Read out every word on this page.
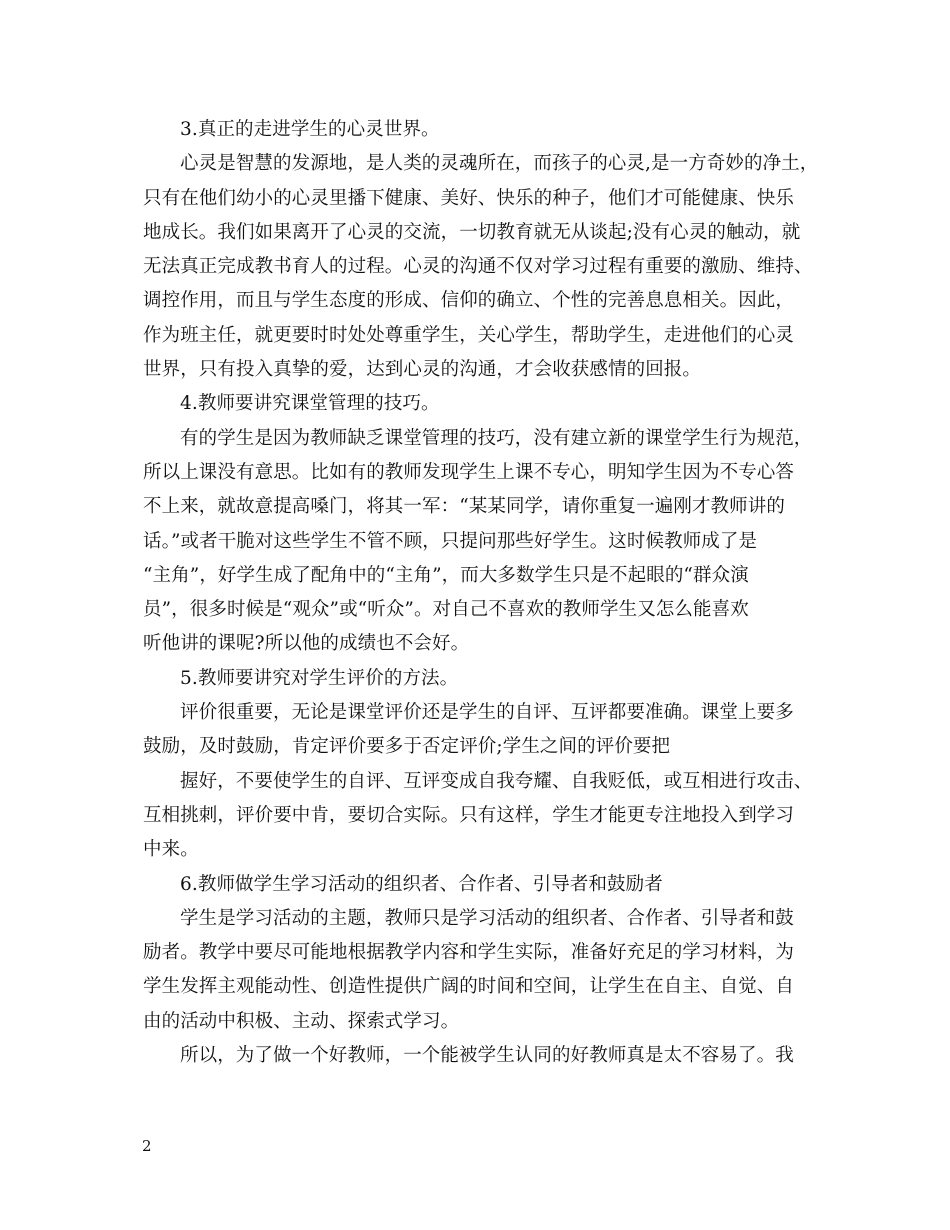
3.真正的走进学生的心灵世界。
心灵是智慧的发源地，是人类的灵魂所在，而孩子的心灵,是一方奇妙的净土，
只有在他们幼小的心灵里播下健康、美好、快乐的种子，他们才可能健康、快乐
地成长。我们如果离开了心灵的交流，一切教育就无从谈起;没有心灵的触动，就
无法真正完成教书育人的过程。心灵的沟通不仅对学习过程有重要的激励、维持、
调控作用，而且与学生态度的形成、信仰的确立、个性的完善息息相关。因此，
作为班主任，就更要时时处处尊重学生，关心学生，帮助学生，走进他们的心灵
世界，只有投入真挚的爱，达到心灵的沟通，才会收获感情的回报。
4.教师要讲究课堂管理的技巧。
有的学生是因为教师缺乏课堂管理的技巧，没有建立新的课堂学生行为规范，
所以上课没有意思。比如有的教师发现学生上课不专心，明知学生因为不专心答
不上来，就故意提高嗓门，将其一军：“某某同学，请你重复一遍刚才教师讲的
话。”或者干脆对这些学生不管不顾，只提问那些好学生。这时候教师成了是
“主角”，好学生成了配角中的“主角”，而大多数学生只是不起眼的“群众演
员”，很多时候是“观众”或“听众”。对自己不喜欢的教师学生又怎么能喜欢
听他讲的课呢?所以他的成绩也不会好。
5.教师要讲究对学生评价的方法。
评价很重要，无论是课堂评价还是学生的自评、互评都要准确。课堂上要多
鼓励，及时鼓励，肯定评价要多于否定评价;学生之间的评价要把
握好，不要使学生的自评、互评变成自我夸耀、自我贬低，或互相进行攻击、
互相挑刺，评价要中肯，要切合实际。只有这样，学生才能更专注地投入到学习
中来。
6.教师做学生学习活动的组织者、合作者、引导者和鼓励者
学生是学习活动的主题，教师只是学习活动的组织者、合作者、引导者和鼓
励者。教学中要尽可能地根据教学内容和学生实际，准备好充足的学习材料，为
学生发挥主观能动性、创造性提供广阔的时间和空间，让学生在自主、自觉、自
由的活动中积极、主动、探索式学习。
所以，为了做一个好教师，一个能被学生认同的好教师真是太不容易了。我
2
